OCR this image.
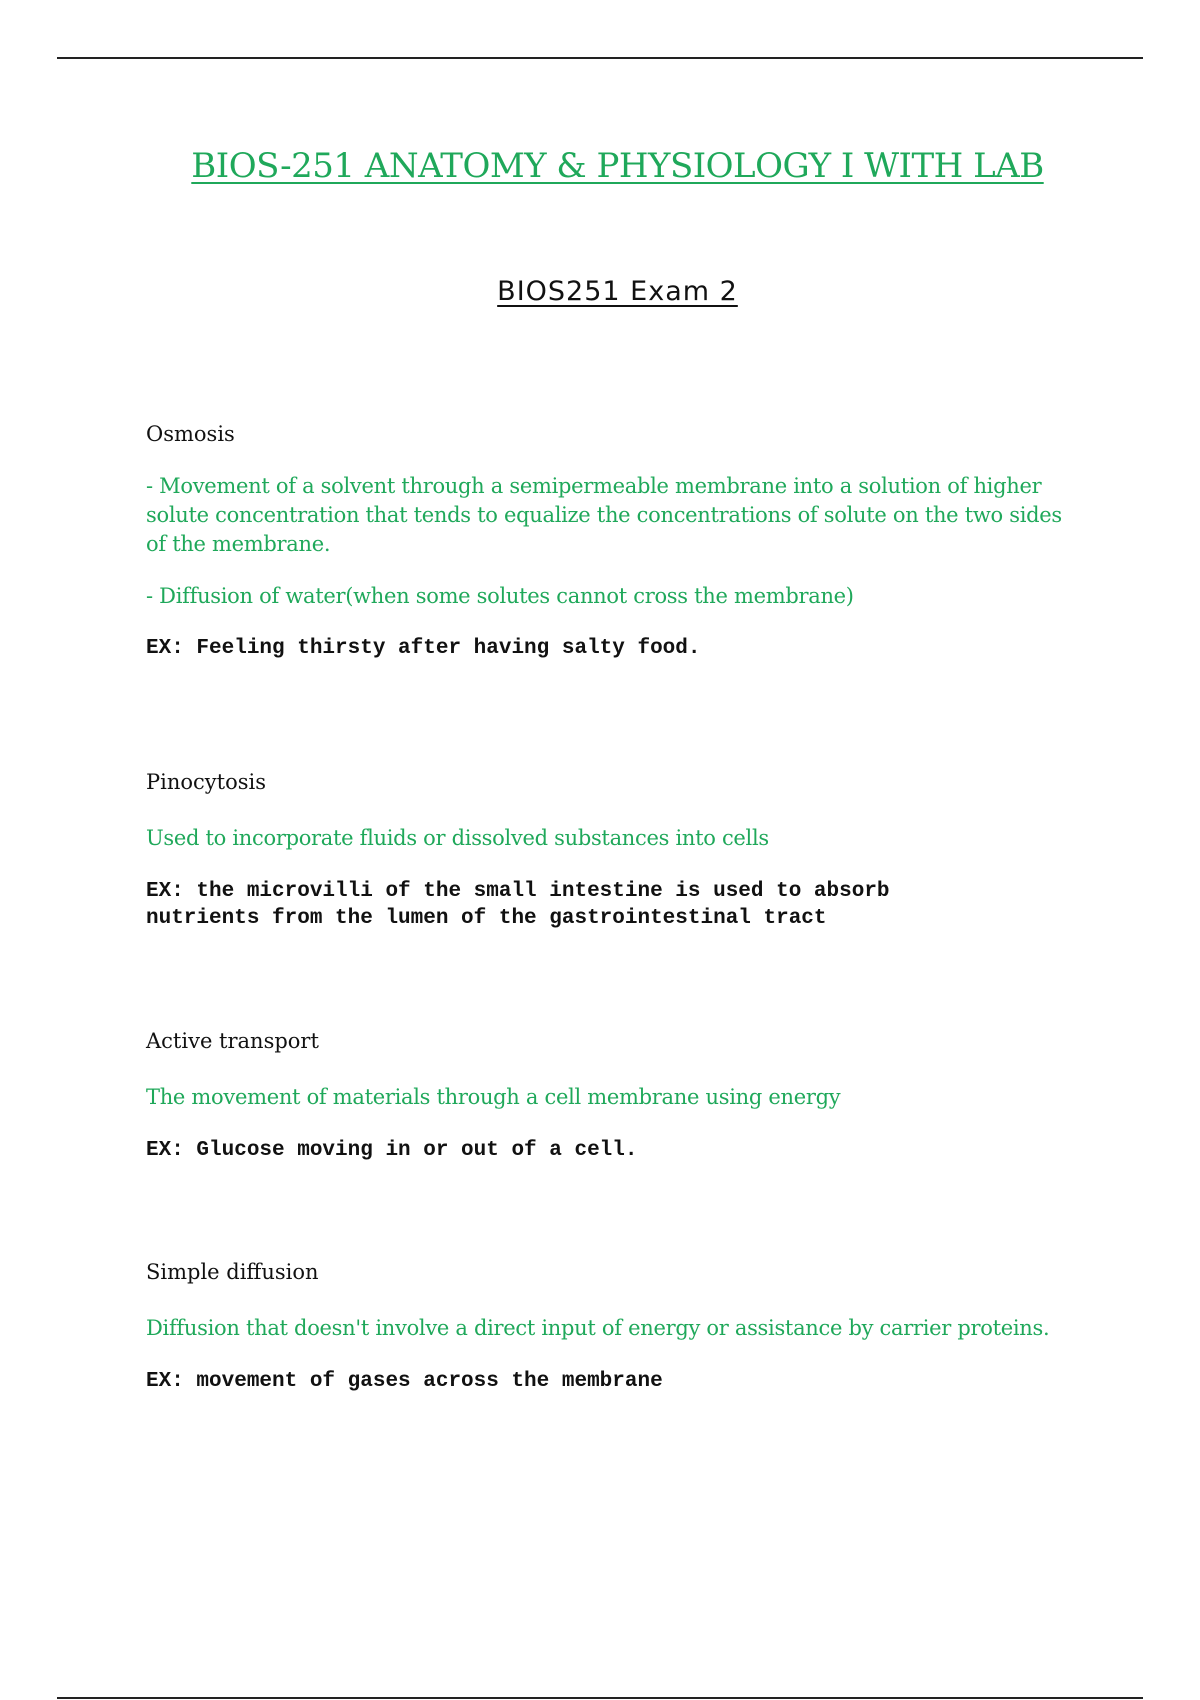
BIOS-251 ANATOMY & PHYSIOLOGY I WITH LAB
BIOS251 Exam 2

Osmosis

- Movement of a solvent through a semipermeable membrane into a solution of higher solute concentration that tends to equalize the concentrations of solute on the two sides of the membrane.

- Diffusion of water(when some solutes cannot cross the membrane)

EX: Feeling thirsty after having salty food.

Pinocytosis

Used to incorporate fluids or dissolved substances into cells

EX: the microvilli of the small intestine is used to absorb
nutrients from the lumen of the gastrointestinal tract

Active transport

The movement of materials through a cell membrane using energy

EX: Glucose moving in or out of a cell.

Simple diffusion

Diffusion that doesn't involve a direct input of energy or assistance by carrier proteins.

EX: movement of gases across the membrane
